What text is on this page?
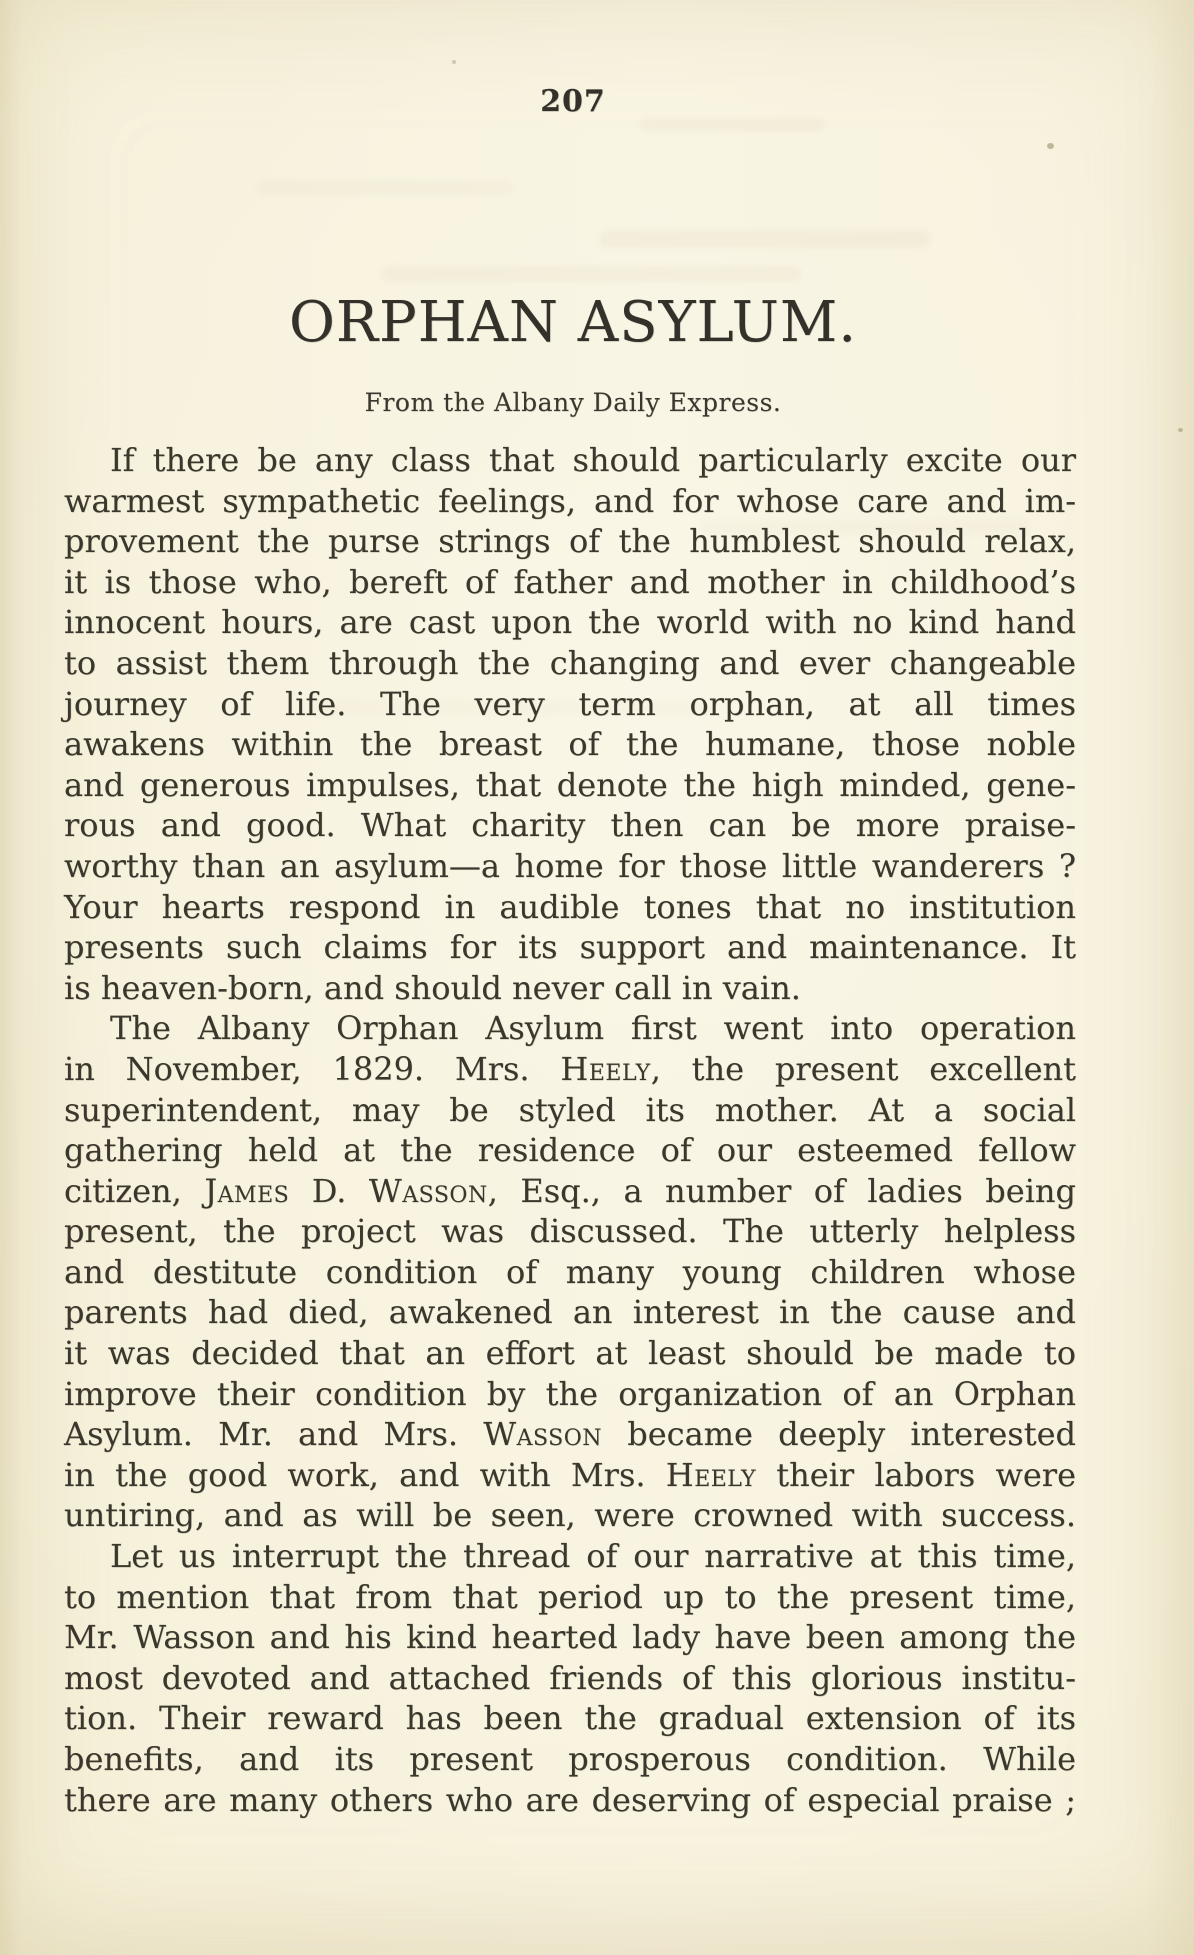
207
ORPHAN ASYLUM.
From the Albany Daily Express.
If there be any class that should particularly excite our
warmest sympathetic feelings, and for whose care and im-
provement the purse strings of the humblest should relax,
it is those who, bereft of father and mother in childhood’s
innocent hours, are cast upon the world with no kind hand
to assist them through the changing and ever changeable
journey of life. The very term orphan, at all times
awakens within the breast of the humane, those noble
and generous impulses, that denote the high minded, gene-
rous and good. What charity then can be more praise-
worthy than an asylum—a home for those little wanderers ?
Your hearts respond in audible tones that no institution
presents such claims for its support and maintenance. It
is heaven-born, and should never call in vain.
The Albany Orphan Asylum first went into operation
in November, 1829. Mrs. Heely, the present excellent
superintendent, may be styled its mother. At a social
gathering held at the residence of our esteemed fellow
citizen, James D. Wasson, Esq., a number of ladies being
present, the project was discussed. The utterly helpless
and destitute condition of many young children whose
parents had died, awakened an interest in the cause and
it was decided that an effort at least should be made to
improve their condition by the organization of an Orphan
Asylum. Mr. and Mrs. Wasson became deeply interested
in the good work, and with Mrs. Heely their labors were
untiring, and as will be seen, were crowned with success.
Let us interrupt the thread of our narrative at this time,
to mention that from that period up to the present time,
Mr. Wasson and his kind hearted lady have been among the
most devoted and attached friends of this glorious institu-
tion. Their reward has been the gradual extension of its
benefits, and its present prosperous condition. While
there are many others who are deserving of especial praise ;
